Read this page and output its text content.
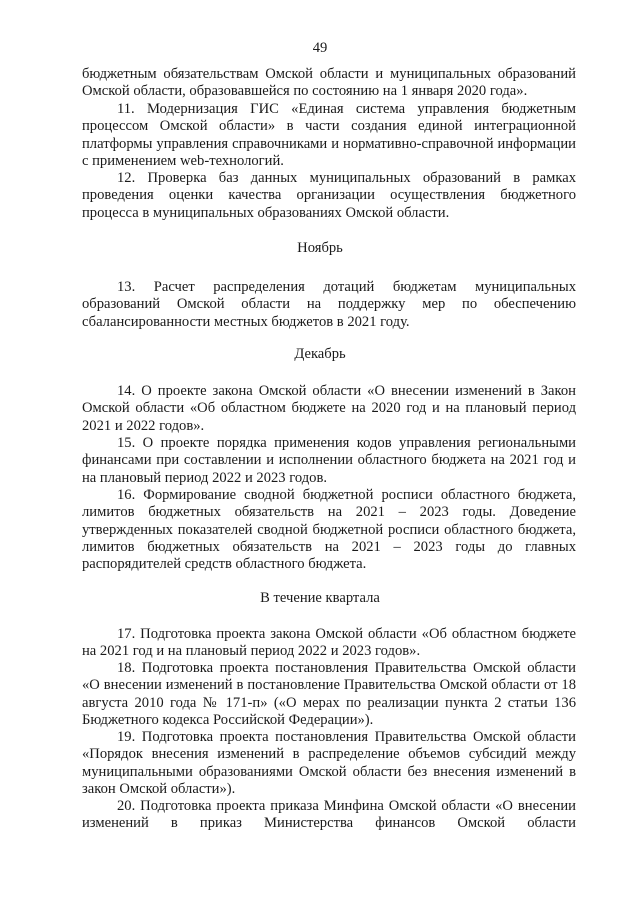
49
бюджетным обязательствам Омской области и муниципальных образований Омской области, образовавшейся по состоянию на 1 января 2020 года».
11. Модернизация ГИС «Единая система управления бюджетным процессом Омской области» в части создания единой интеграционной платформы управления справочниками и нормативно-справочной информации с применением web-технологий.
12. Проверка баз данных муниципальных образований в рамках проведения оценки качества организации осуществления бюджетного процесса в муниципальных образованиях Омской области.
Ноябрь
13. Расчет распределения дотаций бюджетам муниципальных образований Омской области на поддержку мер по обеспечению сбалансированности местных бюджетов в 2021 году.
Декабрь
14. О проекте закона Омской области «О внесении изменений в Закон Омской области «Об областном бюджете на 2020 год и на плановый период 2021 и 2022 годов».
15. О проекте порядка применения кодов управления региональными финансами при составлении и исполнении областного бюджета на 2021 год и на плановый период 2022 и 2023 годов.
16. Формирование сводной бюджетной росписи областного бюджета, лимитов бюджетных обязательств на 2021 – 2023 годы. Доведение утвержденных показателей сводной бюджетной росписи областного бюджета, лимитов бюджетных обязательств на 2021 – 2023 годы до главных распорядителей средств областного бюджета.
В течение квартала
17. Подготовка проекта закона Омской области «Об областном бюджете на 2021 год и на плановый период 2022 и 2023 годов».
18. Подготовка проекта постановления Правительства Омской области «О внесении изменений в постановление Правительства Омской области от 18 августа 2010 года № 171-п» («О мерах по реализации пункта 2 статьи 136 Бюджетного кодекса Российской Федерации»).
19. Подготовка проекта постановления Правительства Омской области «Порядок внесения изменений в распределение объемов субсидий между муниципальными образованиями Омской области без внесения изменений в закон Омской области»).
20. Подготовка проекта приказа Минфина Омской области «О внесении изменений в приказ Министерства финансов Омской области
